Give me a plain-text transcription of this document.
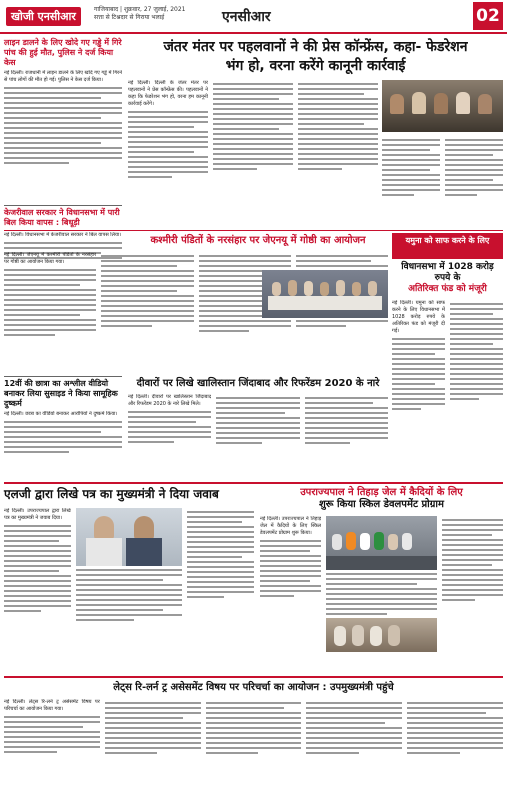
खोजी एनसीआर
गाजियाबाद | शुक्रवार, 27 जुलाई, 2021
सत्ता से टिश्नदार से गिराया भलाई	एनसीआर	02
लाइन डालने के लिए खोदे गए गड्ढे में गिरे पांच की हुई मौत, पुलिस ने दर्ज किया केस
नई दिल्ली। राजधानी में लाइन डालने के लिए खोदे गए गड्ढे में गिरने से पांच लोगों की मौत हो गई। पुलिस ने केस दर्ज किया।
केजरीवाल सरकार ने विधानसभा में पारी बिल किया वापस : बिधूड़ी
नई दिल्ली। विधानसभा में केजरीवाल सरकार ने बिल वापस लिया।
जंतर मंतर पर पहलवानों ने की प्रेस कॉन्फ्रेंस, कहा- फेडरेशन
भंग हो, वरना करेंगे कानूनी कार्रवाई
नई दिल्ली। दिल्ली के जंतर मंतर पर पहलवानों ने प्रेस कॉन्फ्रेंस की। पहलवानों ने कहा कि फेडरेशन भंग हो, वरना हम कानूनी कार्रवाई करेंगे।
कश्मीरी पंडितों के नरसंहार पर जेएनयू में गोष्ठी का आयोजन
नई दिल्ली। जेएनयू में कश्मीरी पंडितों के नरसंहार पर गोष्ठी का आयोजन किया गया।
12वीं की छात्रा का अश्लील वीडियो बनाकर लिया सुसाइड ने किया सामूहिक दुष्कर्म
नई दिल्ली। छात्रा का वीडियो बनाकर आरोपियों ने दुष्कर्म किया।
यमुना को साफ करने के लिए
विधानसभा में 1028 करोड़ रुपये के
अतिरिक्त फंड को मंजूरी
नई दिल्ली। यमुना को साफ करने के लिए विधानसभा में 1028 करोड़ रुपये के अतिरिक्त फंड को मंजूरी दी गई।
दीवारों पर लिखे खालिस्तान जिंदाबाद और रिफरेंडम 2020 के नारे
नई दिल्ली। दीवारों पर खालिस्तान जिंदाबाद और रिफरेंडम 2020 के नारे लिखे मिले।
एलजी द्वारा लिखे पत्र का मुख्यमंत्री ने दिया जवाब
नई दिल्ली। उपराज्यपाल द्वारा लिखे पत्र का मुख्यमंत्री ने जवाब दिया।
उपराज्यपाल ने तिहाड़ जेल में कैदियों के लिए
शुरू किया स्किल डेवलपमेंट प्रोग्राम
नई दिल्ली। उपराज्यपाल ने तिहाड़ जेल में कैदियों के लिए स्किल डेवलपमेंट प्रोग्राम शुरू किया।
लेट्स रि-लर्न ट्र असेसमेंट विषय पर परिचर्चा का आयोजन : उपमुख्यमंत्री पहुंचे
नई दिल्ली। लेट्स रि-लर्न ट्र असेसमेंट विषय पर परिचर्चा का आयोजन किया गया।
